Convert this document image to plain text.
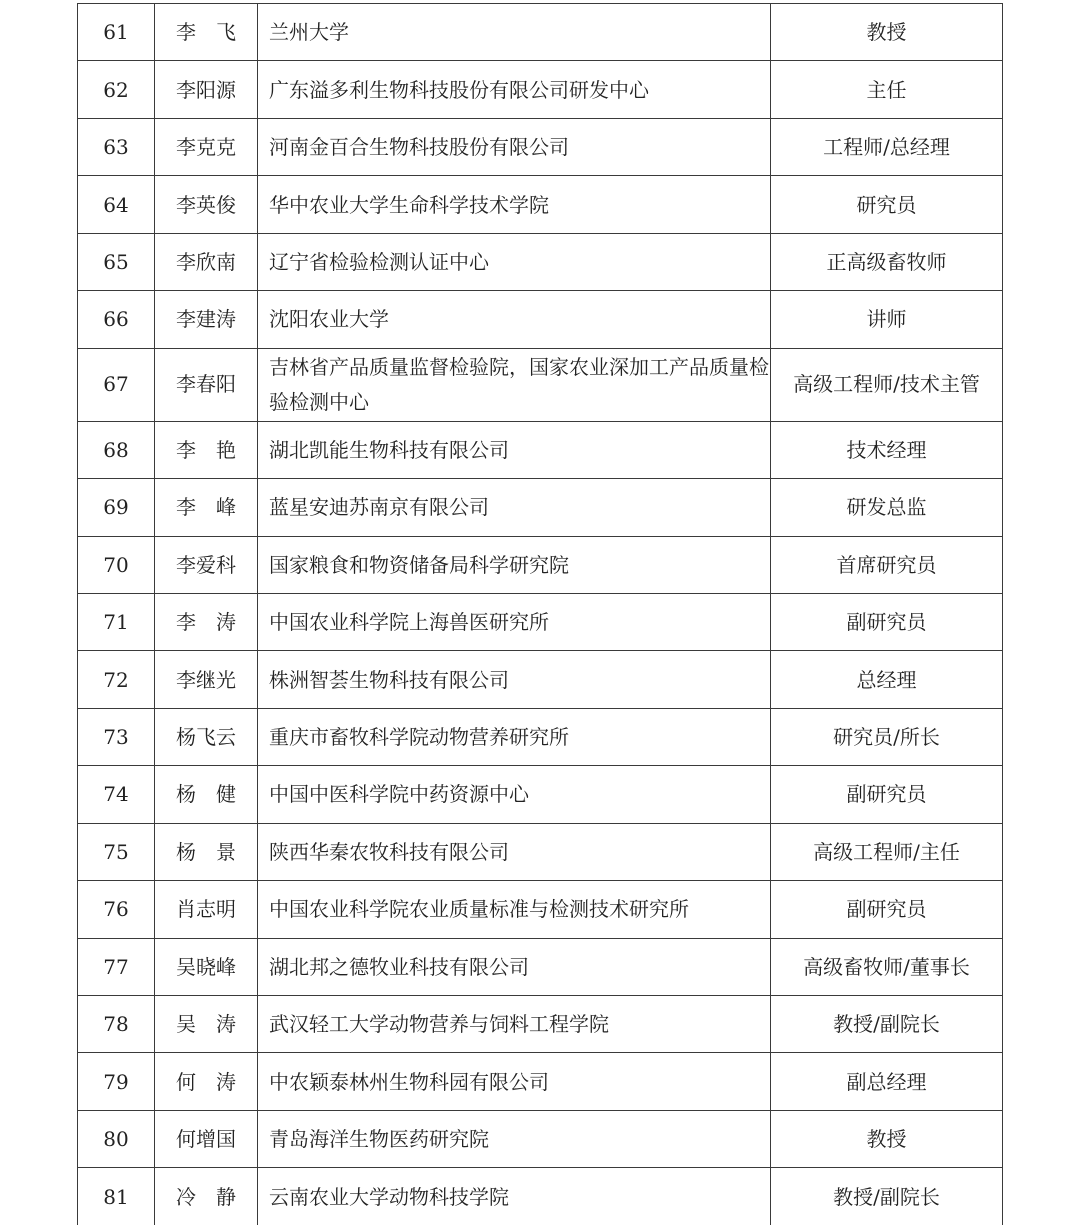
61	李　飞	兰州大学	教授
62	李阳源	广东溢多利生物科技股份有限公司研发中心	主任
63	李克克	河南金百合生物科技股份有限公司	工程师/总经理
64	李英俊	华中农业大学生命科学技术学院	研究员
65	李欣南	辽宁省检验检测认证中心	正高级畜牧师
66	李建涛	沈阳农业大学	讲师
67	李春阳	吉林省产品质量监督检验院，国家农业深加工产品质量检验检测中心	高级工程师/技术主管
68	李　艳	湖北凯能生物科技有限公司	技术经理
69	李　峰	蓝星安迪苏南京有限公司	研发总监
70	李爱科	国家粮食和物资储备局科学研究院	首席研究员
71	李　涛	中国农业科学院上海兽医研究所	副研究员
72	李继光	株洲智荟生物科技有限公司	总经理
73	杨飞云	重庆市畜牧科学院动物营养研究所	研究员/所长
74	杨　健	中国中医科学院中药资源中心	副研究员
75	杨　景	陕西华秦农牧科技有限公司	高级工程师/主任
76	肖志明	中国农业科学院农业质量标准与检测技术研究所	副研究员
77	吴晓峰	湖北邦之德牧业科技有限公司	高级畜牧师/董事长
78	吴　涛	武汉轻工大学动物营养与饲料工程学院	教授/副院长
79	何　涛	中农颖泰林州生物科园有限公司	副总经理
80	何增国	青岛海洋生物医药研究院	教授
81	冷　静	云南农业大学动物科技学院	教授/副院长
